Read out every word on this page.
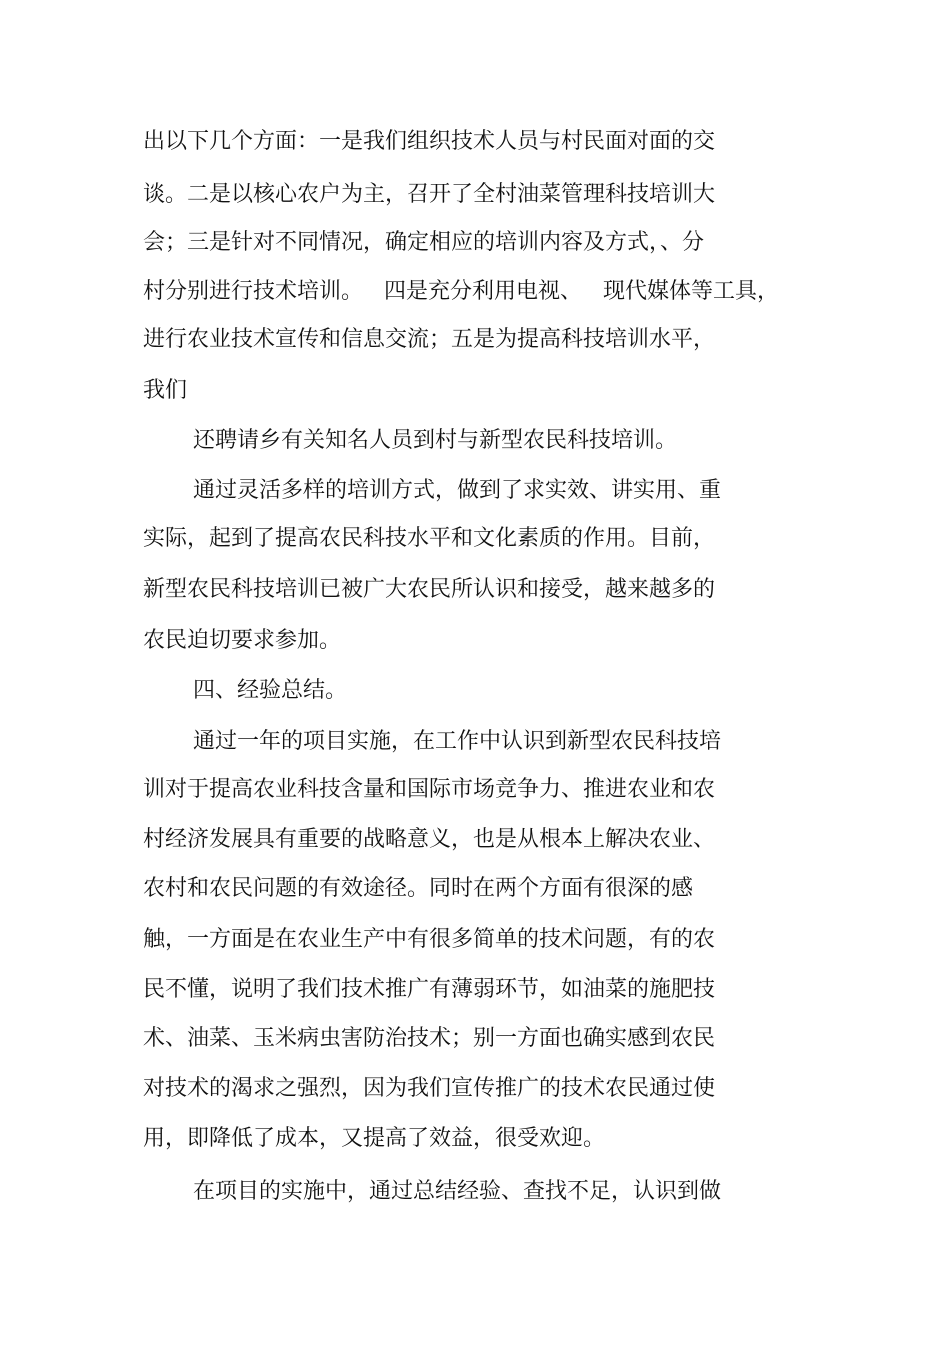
出以下几个方面：一是我们组织技术人员与村民面对面的交
谈。二是以核心农户为主，召开了全村油菜管理科技培训大
会；三是针对不同情况，确定相应的培训内容及方式，、分
村分别进行技术培训。   四是充分利用电视、   现代媒体等工具，
进行农业技术宣传和信息交流；五是为提高科技培训水平，
我们
还聘请乡有关知名人员到村与新型农民科技培训。
通过灵活多样的培训方式，做到了求实效、讲实用、重
实际，起到了提高农民科技水平和文化素质的作用。目前，
新型农民科技培训已被广大农民所认识和接受，越来越多的
农民迫切要求参加。
四、经验总结。
通过一年的项目实施，在工作中认识到新型农民科技培
训对于提高农业科技含量和国际市场竞争力、推进农业和农
村经济发展具有重要的战略意义，也是从根本上解决农业、
农村和农民问题的有效途径。同时在两个方面有很深的感
触，一方面是在农业生产中有很多简单的技术问题，有的农
民不懂，说明了我们技术推广有薄弱环节，如油菜的施肥技
术、油菜、玉米病虫害防治技术；别一方面也确实感到农民
对技术的渴求之强烈，因为我们宣传推广的技术农民通过使
用，即降低了成本，又提高了效益，很受欢迎。
在项目的实施中，通过总结经验、查找不足，认识到做
